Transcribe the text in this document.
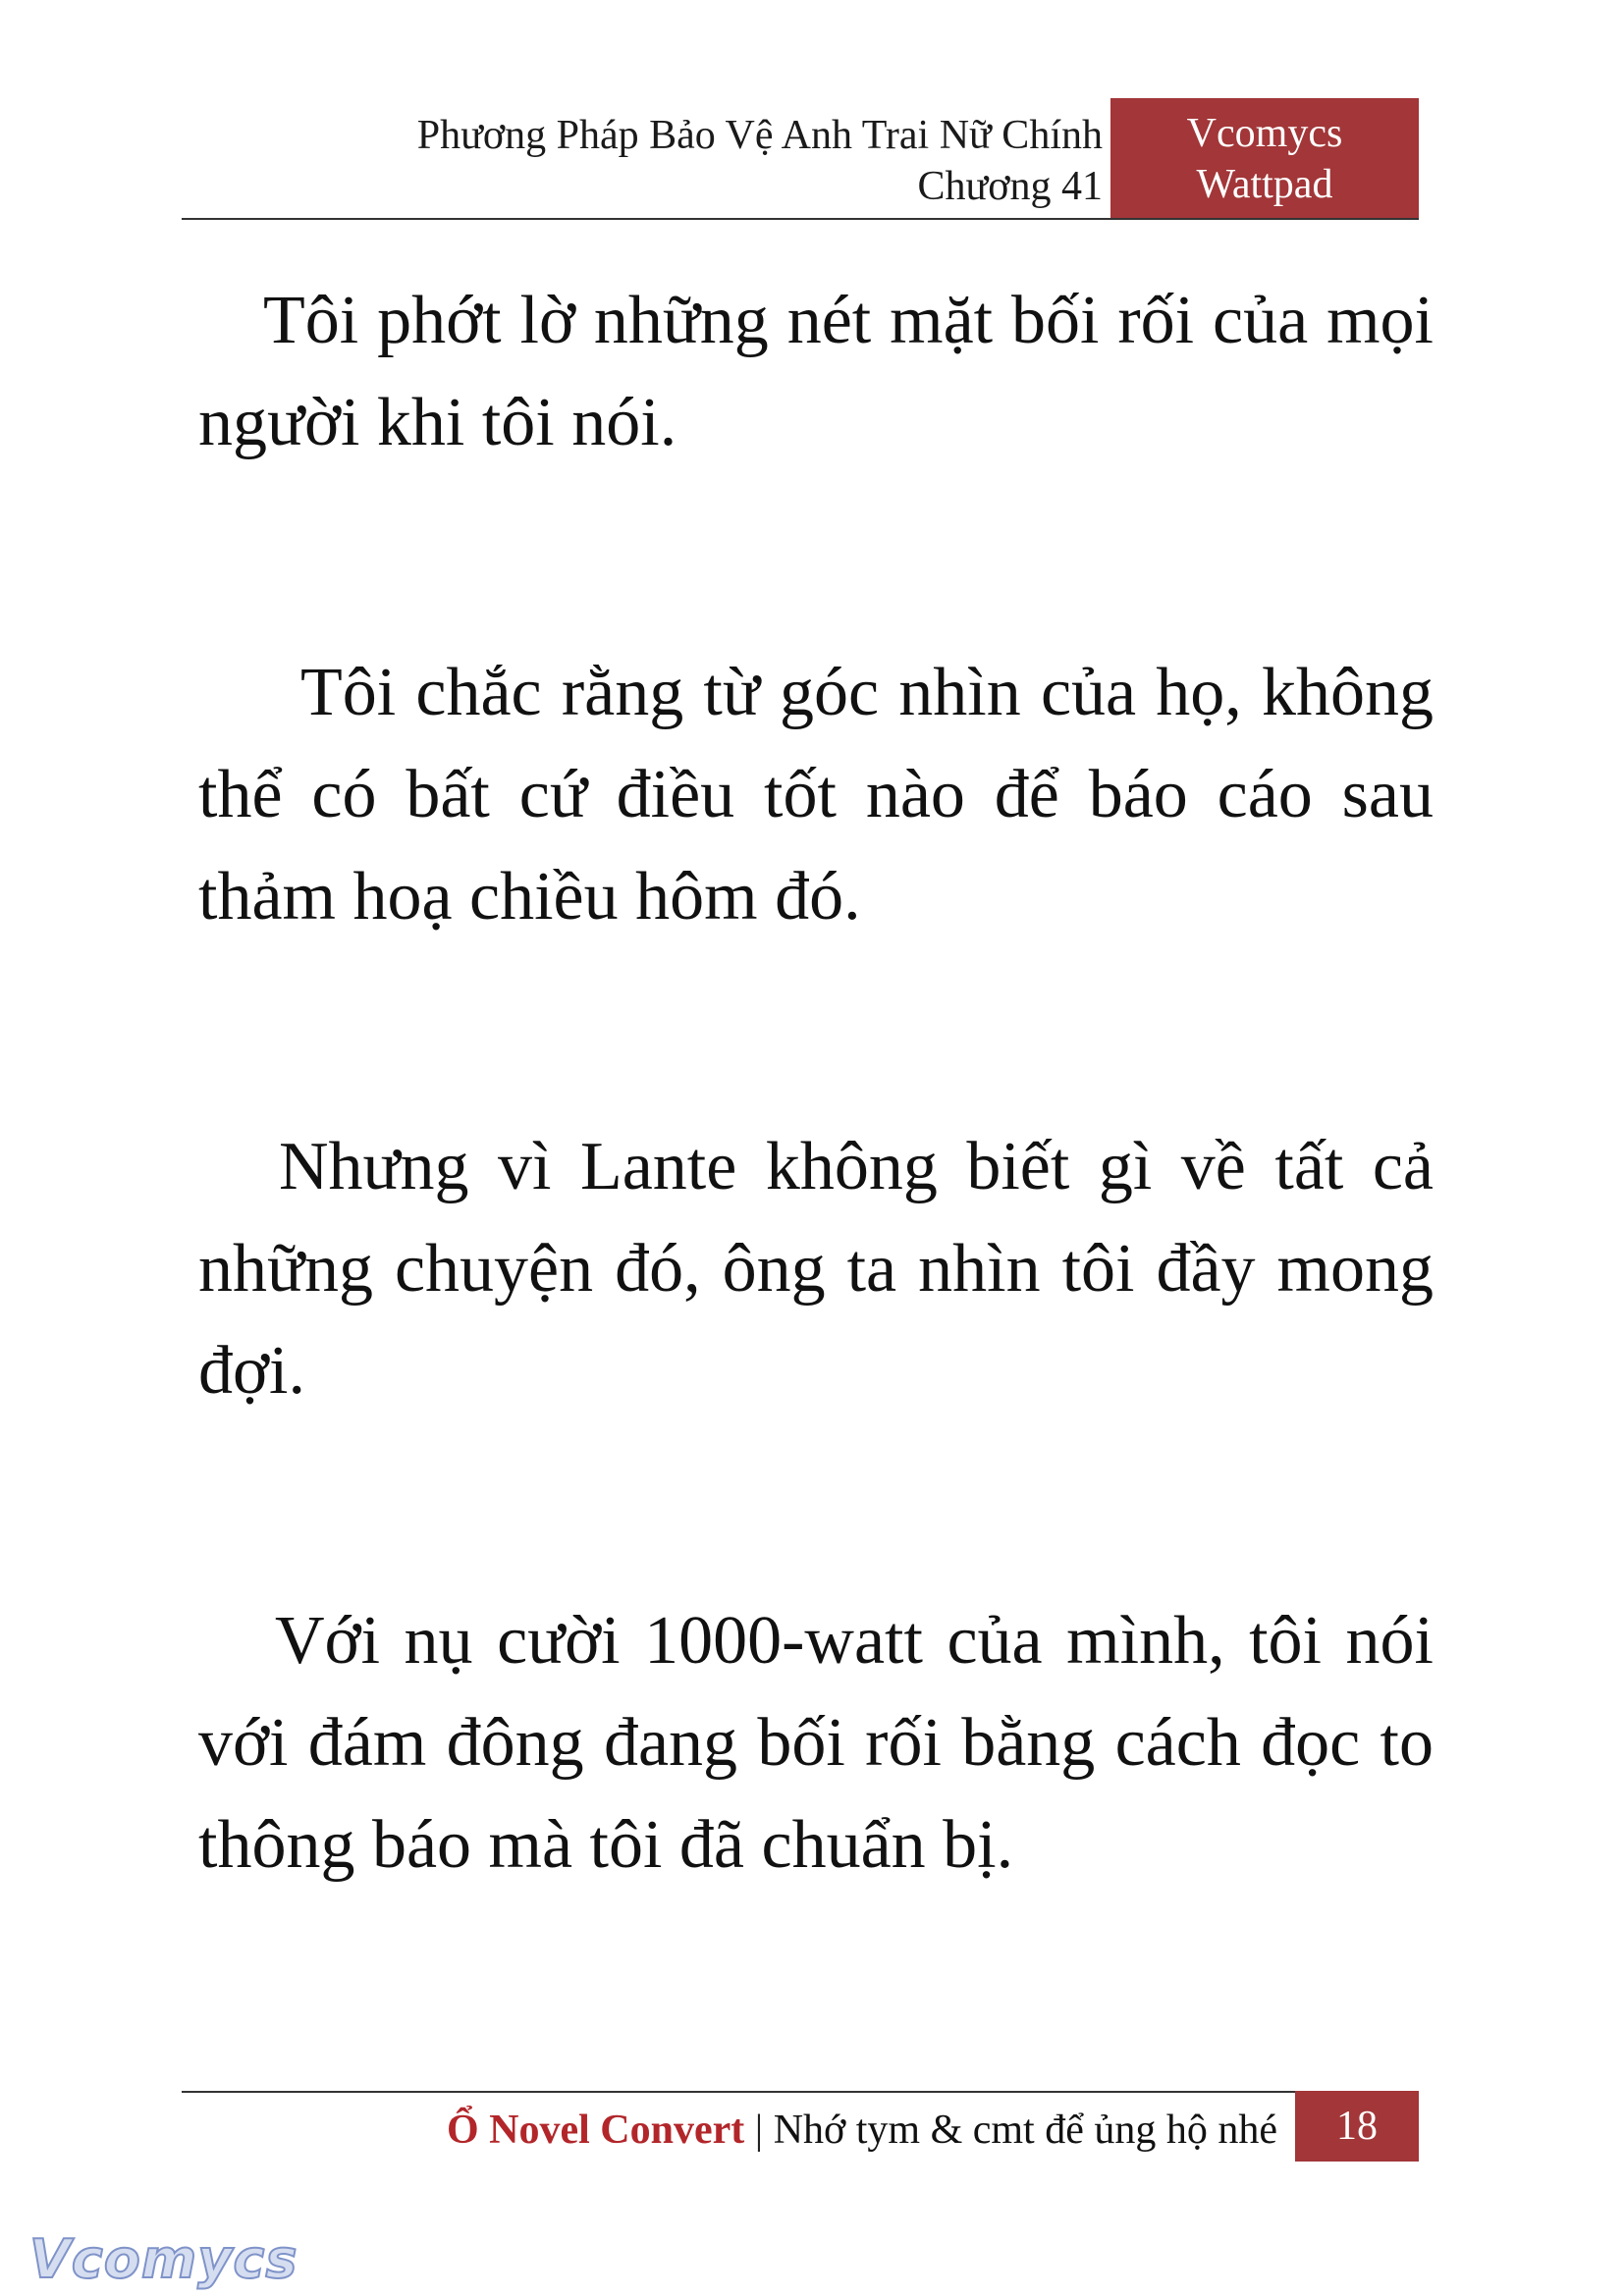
Phương Pháp Bảo Vệ Anh Trai Nữ Chính
Chương 41
Vcomycs
Wattpad

Tôi phớt lờ những nét mặt bối rối của mọi người khi tôi nói.

Tôi chắc rằng từ góc nhìn của họ, không thể có bất cứ điều tốt nào để báo cáo sau thảm hoạ chiều hôm đó.

Nhưng vì Lante không biết gì về tất cả những chuyện đó, ông ta nhìn tôi đầy mong đợi.

Với nụ cười 1000-watt của mình, tôi nói với đám đông đang bối rối bằng cách đọc to thông báo mà tôi đã chuẩn bị.

Ổ Novel Convert | Nhớ tym & cmt để ủng hộ nhé	18
Vcomycs
